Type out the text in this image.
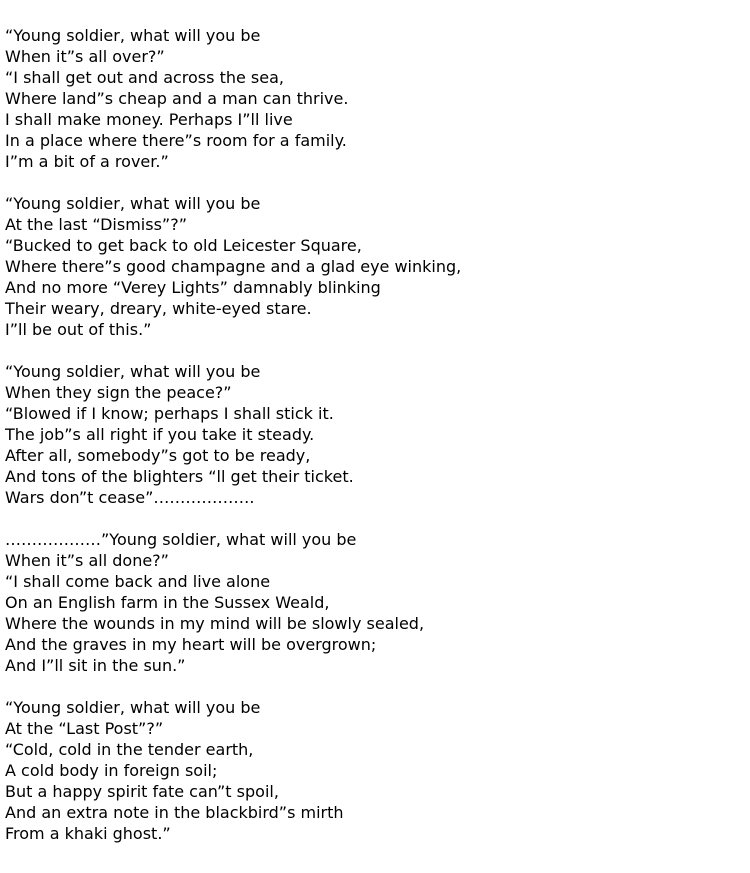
“Young soldier, what will you be
When it”s all over?”
“I shall get out and across the sea,
Where land”s cheap and a man can thrive.
I shall make money. Perhaps I”ll live
In a place where there”s room for a family.
I”m a bit of a rover.”
“Young soldier, what will you be
At the last “Dismiss”?”
“Bucked to get back to old Leicester Square,
Where there”s good champagne and a glad eye winking,
And no more “Verey Lights” damnably blinking
Their weary, dreary, white-eyed stare.
I”ll be out of this.”
“Young soldier, what will you be
When they sign the peace?”
“Blowed if I know; perhaps I shall stick it.
The job”s all right if you take it steady.
After all, somebody”s got to be ready,
And tons of the blighters “ll get their ticket.
Wars don”t cease”……………….
………………”Young soldier, what will you be
When it”s all done?”
“I shall come back and live alone
On an English farm in the Sussex Weald,
Where the wounds in my mind will be slowly sealed,
And the graves in my heart will be overgrown;
And I”ll sit in the sun.”
“Young soldier, what will you be
At the “Last Post”?”
“Cold, cold in the tender earth,
A cold body in foreign soil;
But a happy spirit fate can”t spoil,
And an extra note in the blackbird”s mirth
From a khaki ghost.”
